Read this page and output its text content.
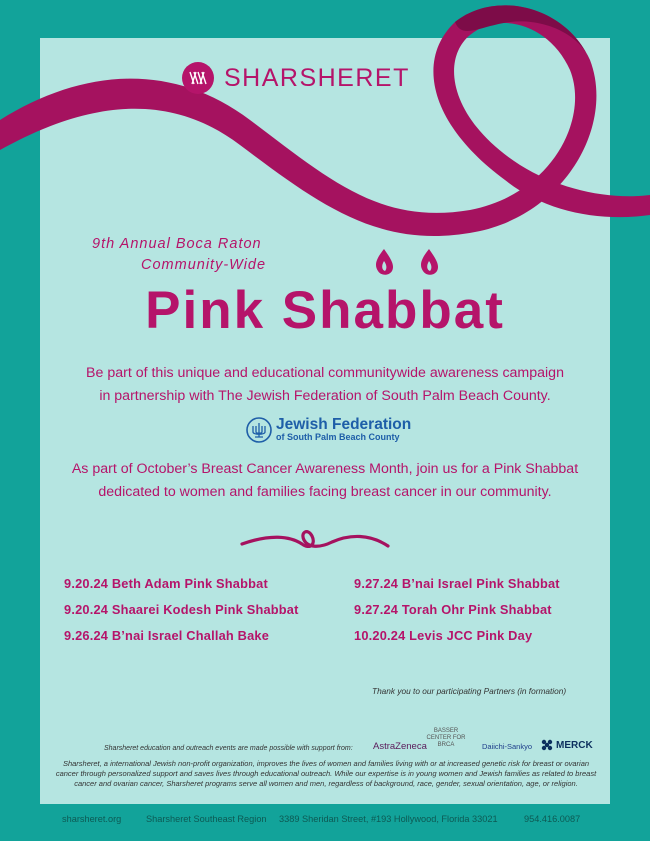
SHARSHERET
9th Annual Boca Raton
Community-Wide
Pink Shabbat
Be part of this unique and educational communitywide awareness campaign
in partnership with The Jewish Federation of South Palm Beach County.
Jewish Federation
of South Palm Beach County
As part of October’s Breast Cancer Awareness Month, join us for a Pink Shabbat
dedicated to women and families facing breast cancer in our community.
9.20.24 Beth Adam Pink Shabbat
9.20.24 Shaarei Kodesh Pink Shabbat
9.26.24 B’nai Israel Challah Bake
9.27.24 B’nai Israel Pink Shabbat
9.27.24 Torah Ohr Pink Shabbat
10.20.24 Levis JCC Pink Day
Thank you to our participating Partners (in formation)
Sharsheret education and outreach events are made possible with support from: AstraZeneca
BASSER CENTER FOR BRCA	Daiichi-Sankyo MERCK
Sharsheret, a international Jewish non-profit organization, improves the lives of women and families living with or at increased genetic risk for breast or ovarian cancer through personalized support and saves lives through educational outreach. While our expertise is in young women and Jewish families as related to breast cancer and ovarian cancer, Sharsheret programs serve all women and men, regardless of background, race, gender, sexual orientation, age, or religion.
sharsheret.org	Sharsheret Southeast Region 3389 Sheridan Street, #193 Hollywood, Florida 33021	954.416.0087
